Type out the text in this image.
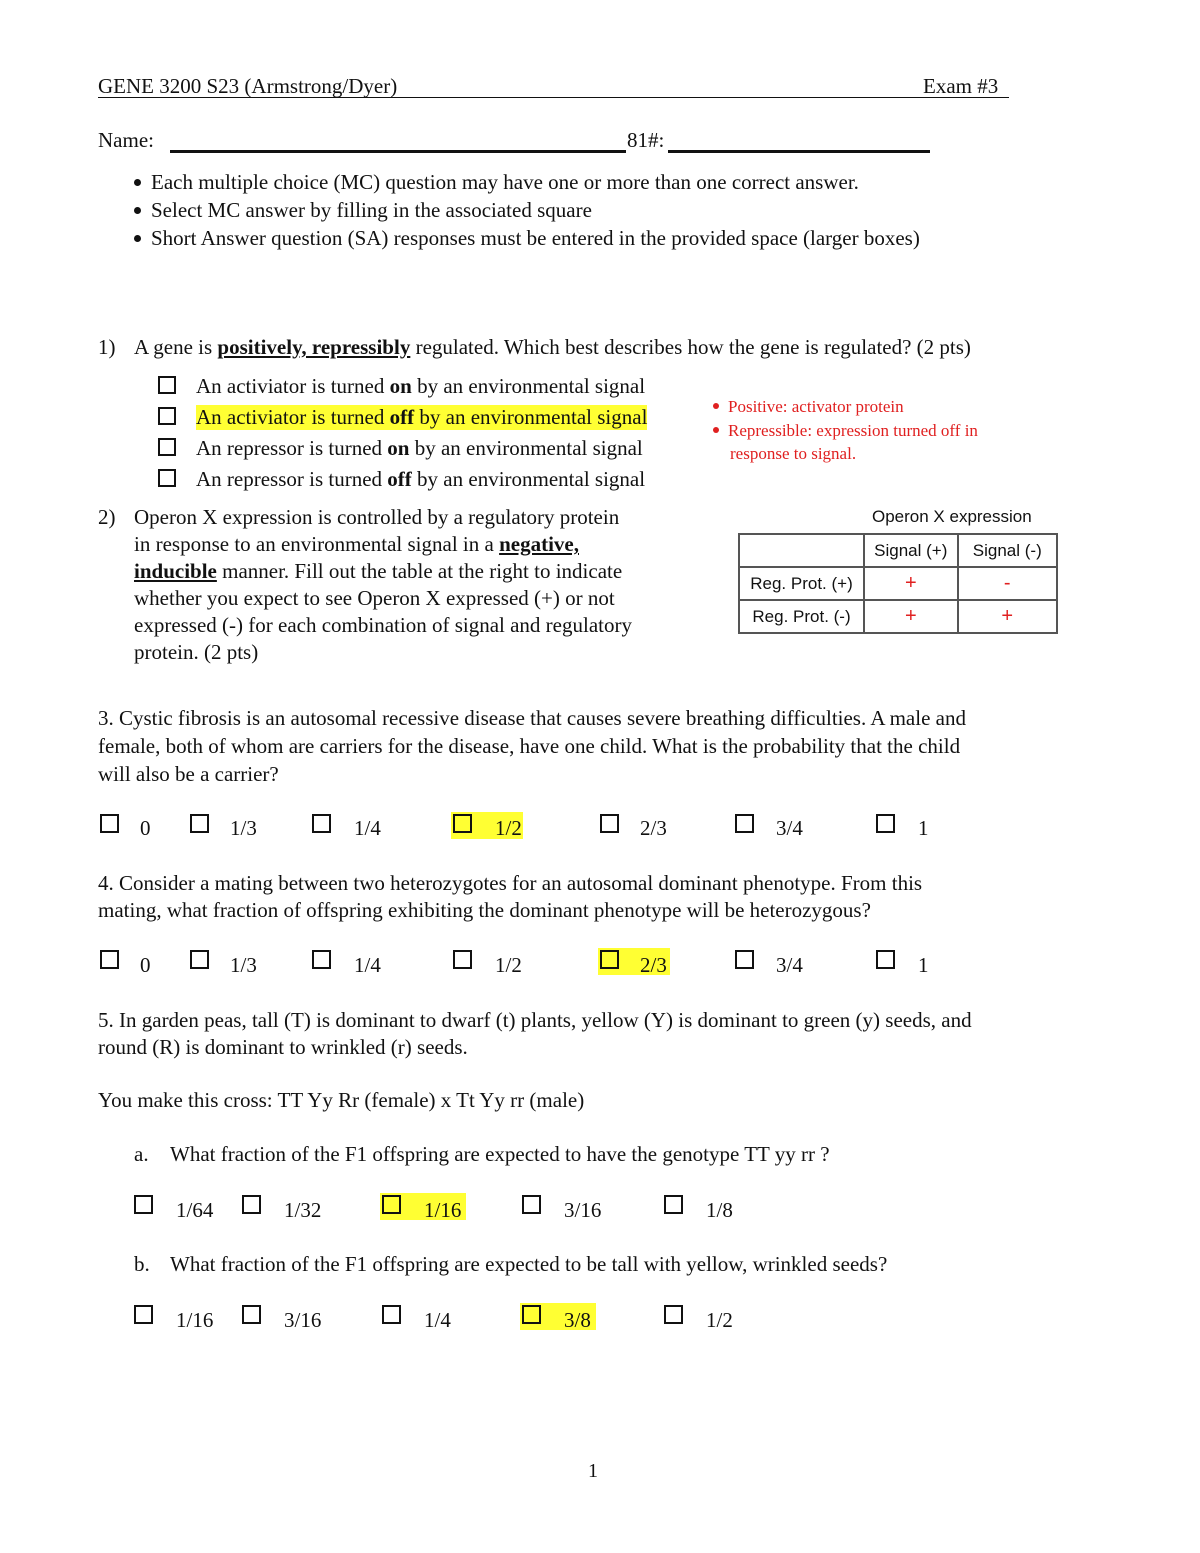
GENE 3200 S23 (Armstrong/Dyer)	Exam #3
Name:	81#:
Each multiple choice (MC) question may have one or more than one correct answer.
Select MC answer by filling in the associated square
Short Answer question (SA) responses must be entered in the provided space (larger boxes)
1) A gene is positively, repressibly regulated. Which best describes how the gene is regulated? (2 pts)
An activiator is turned on by an environmental signal
An activiator is turned off by an environmental signal
An repressor is turned on by an environmental signal
An repressor is turned off by an environmental signal
Positive: activator protein
Repressible: expression turned off in
response to signal.
2) Operon X expression is controlled by a regulatory protein
in response to an environmental signal in a negative,
inducible manner. Fill out the table at the right to indicate
whether you expect to see Operon X expressed (+) or not
expressed (-) for each combination of signal and regulatory
protein. (2 pts)
Operon X expression
	Signal (+)	Signal (-)
Reg. Prot. (+)	+	-
Reg. Prot. (-)	+	+
3. Cystic fibrosis is an autosomal recessive disease that causes severe breathing difficulties. A male and
female, both of whom are carriers for the disease, have one child. What is the probability that the child
will also be a carrier?
0	1/3	1/4	1/2	2/3	3/4	1
4. Consider a mating between two heterozygotes for an autosomal dominant phenotype. From this
mating, what fraction of offspring exhibiting the dominant phenotype will be heterozygous?
0	1/3	1/4	1/2	2/3	3/4	1
5. In garden peas, tall (T) is dominant to dwarf (t) plants, yellow (Y) is dominant to green (y) seeds, and
round (R) is dominant to wrinkled (r) seeds.
You make this cross: TT Yy Rr (female) x Tt Yy rr (male)
a. What fraction of the F1 offspring are expected to have the genotype TT yy rr ?
1/64	1/32	1/16	3/16	1/8
b. What fraction of the F1 offspring are expected to be tall with yellow, wrinkled seeds?
1/16	3/16	1/4	3/8	1/2
1
